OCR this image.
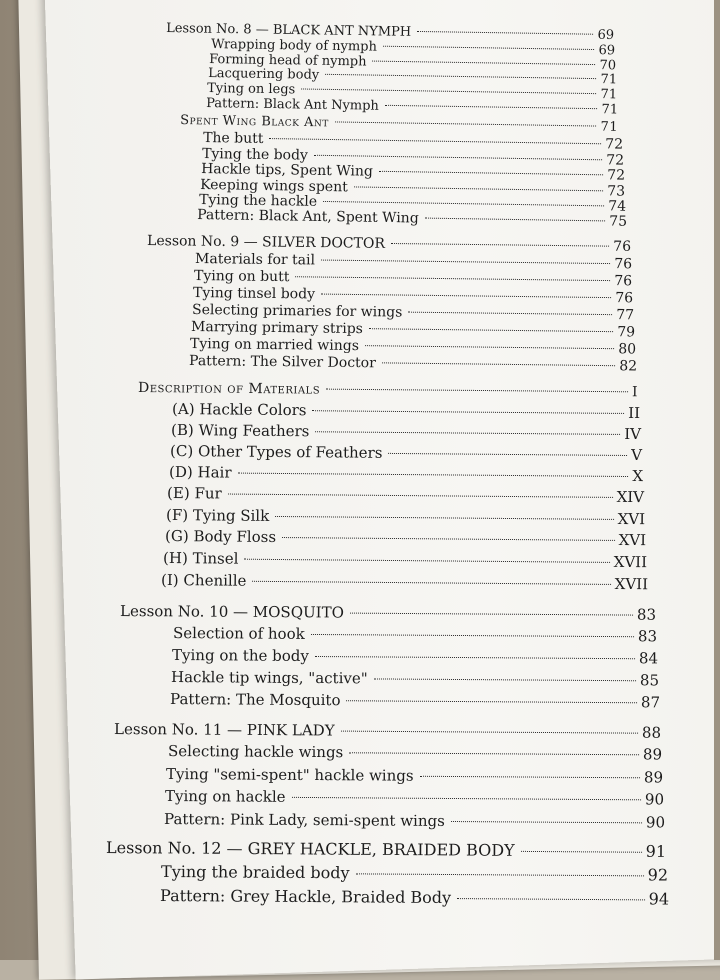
Lesson No. 8 — BLACK ANT NYMPH	69
Wrapping body of nymph	69
Forming head of nymph	70
Lacquering body	71
Tying on legs	71
Pattern: Black Ant Nymph	71
Spent Wing Black Ant	71
The butt	72
Tying the body	72
Hackle tips, Spent Wing	72
Keeping wings spent	73
Tying the hackle	74
Pattern: Black Ant, Spent Wing	75
Lesson No. 9 — SILVER DOCTOR	76
Materials for tail	76
Tying on butt	76
Tying tinsel body	76
Selecting primaries for wings	77
Marrying primary strips	79
Tying on married wings	80
Pattern: The Silver Doctor	82
Description of Materials	I
(A) Hackle Colors	II
(B) Wing Feathers	IV
(C) Other Types of Feathers	V
(D) Hair	X
(E) Fur	XIV
(F) Tying Silk	XVI
(G) Body Floss	XVI
(H) Tinsel	XVII
(I) Chenille	XVII
Lesson No. 10 — MOSQUITO	83
Selection of hook	83
Tying on the body	84
Hackle tip wings, "active"	85
Pattern: The Mosquito	87
Lesson No. 11 — PINK LADY	88
Selecting hackle wings	89
Tying "semi-spent" hackle wings	89
Tying on hackle	90
Pattern: Pink Lady, semi-spent wings	90
Lesson No. 12 — GREY HACKLE, BRAIDED BODY	91
Tying the braided body	92
Pattern: Grey Hackle, Braided Body	94
